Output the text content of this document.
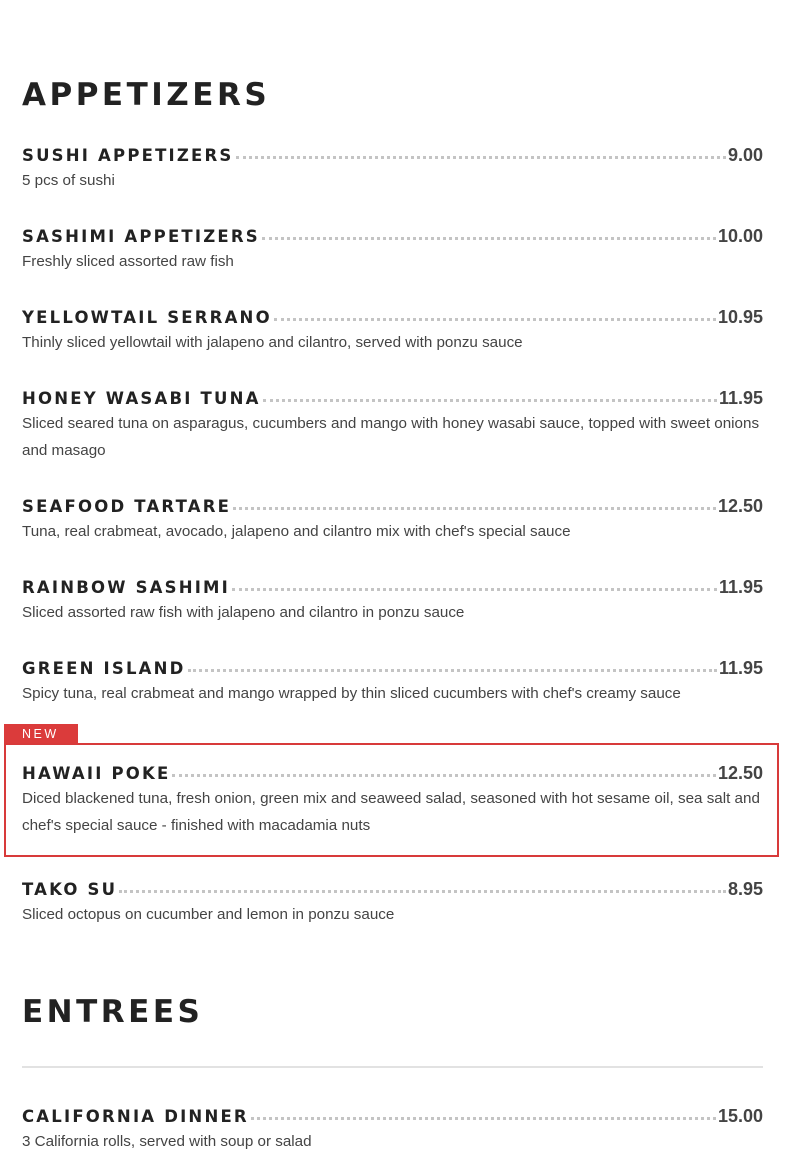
APPETIZERS
SUSHI APPETIZERS	9.00
5 pcs of sushi
SASHIMI APPETIZERS	10.00
Freshly sliced assorted raw fish
YELLOWTAIL SERRANO	10.95
Thinly sliced yellowtail with jalapeno and cilantro, served with ponzu sauce
HONEY WASABI TUNA	11.95
Sliced seared tuna on asparagus, cucumbers and mango with honey wasabi sauce, topped with sweet onions and masago
SEAFOOD TARTARE	12.50
Tuna, real crabmeat, avocado, jalapeno and cilantro mix with chef's special sauce
RAINBOW SASHIMI	11.95
Sliced assorted raw fish with jalapeno and cilantro in ponzu sauce
GREEN ISLAND	11.95
Spicy tuna, real crabmeat and mango wrapped by thin sliced cucumbers with chef's creamy sauce
NEW
HAWAII POKE	12.50
Diced blackened tuna, fresh onion, green mix and seaweed salad, seasoned with hot sesame oil, sea salt and chef's special sauce - finished with macadamia nuts
TAKO SU	8.95
Sliced octopus on cucumber and lemon in ponzu sauce
ENTREES
CALIFORNIA DINNER	15.00
3 California rolls, served with soup or salad
